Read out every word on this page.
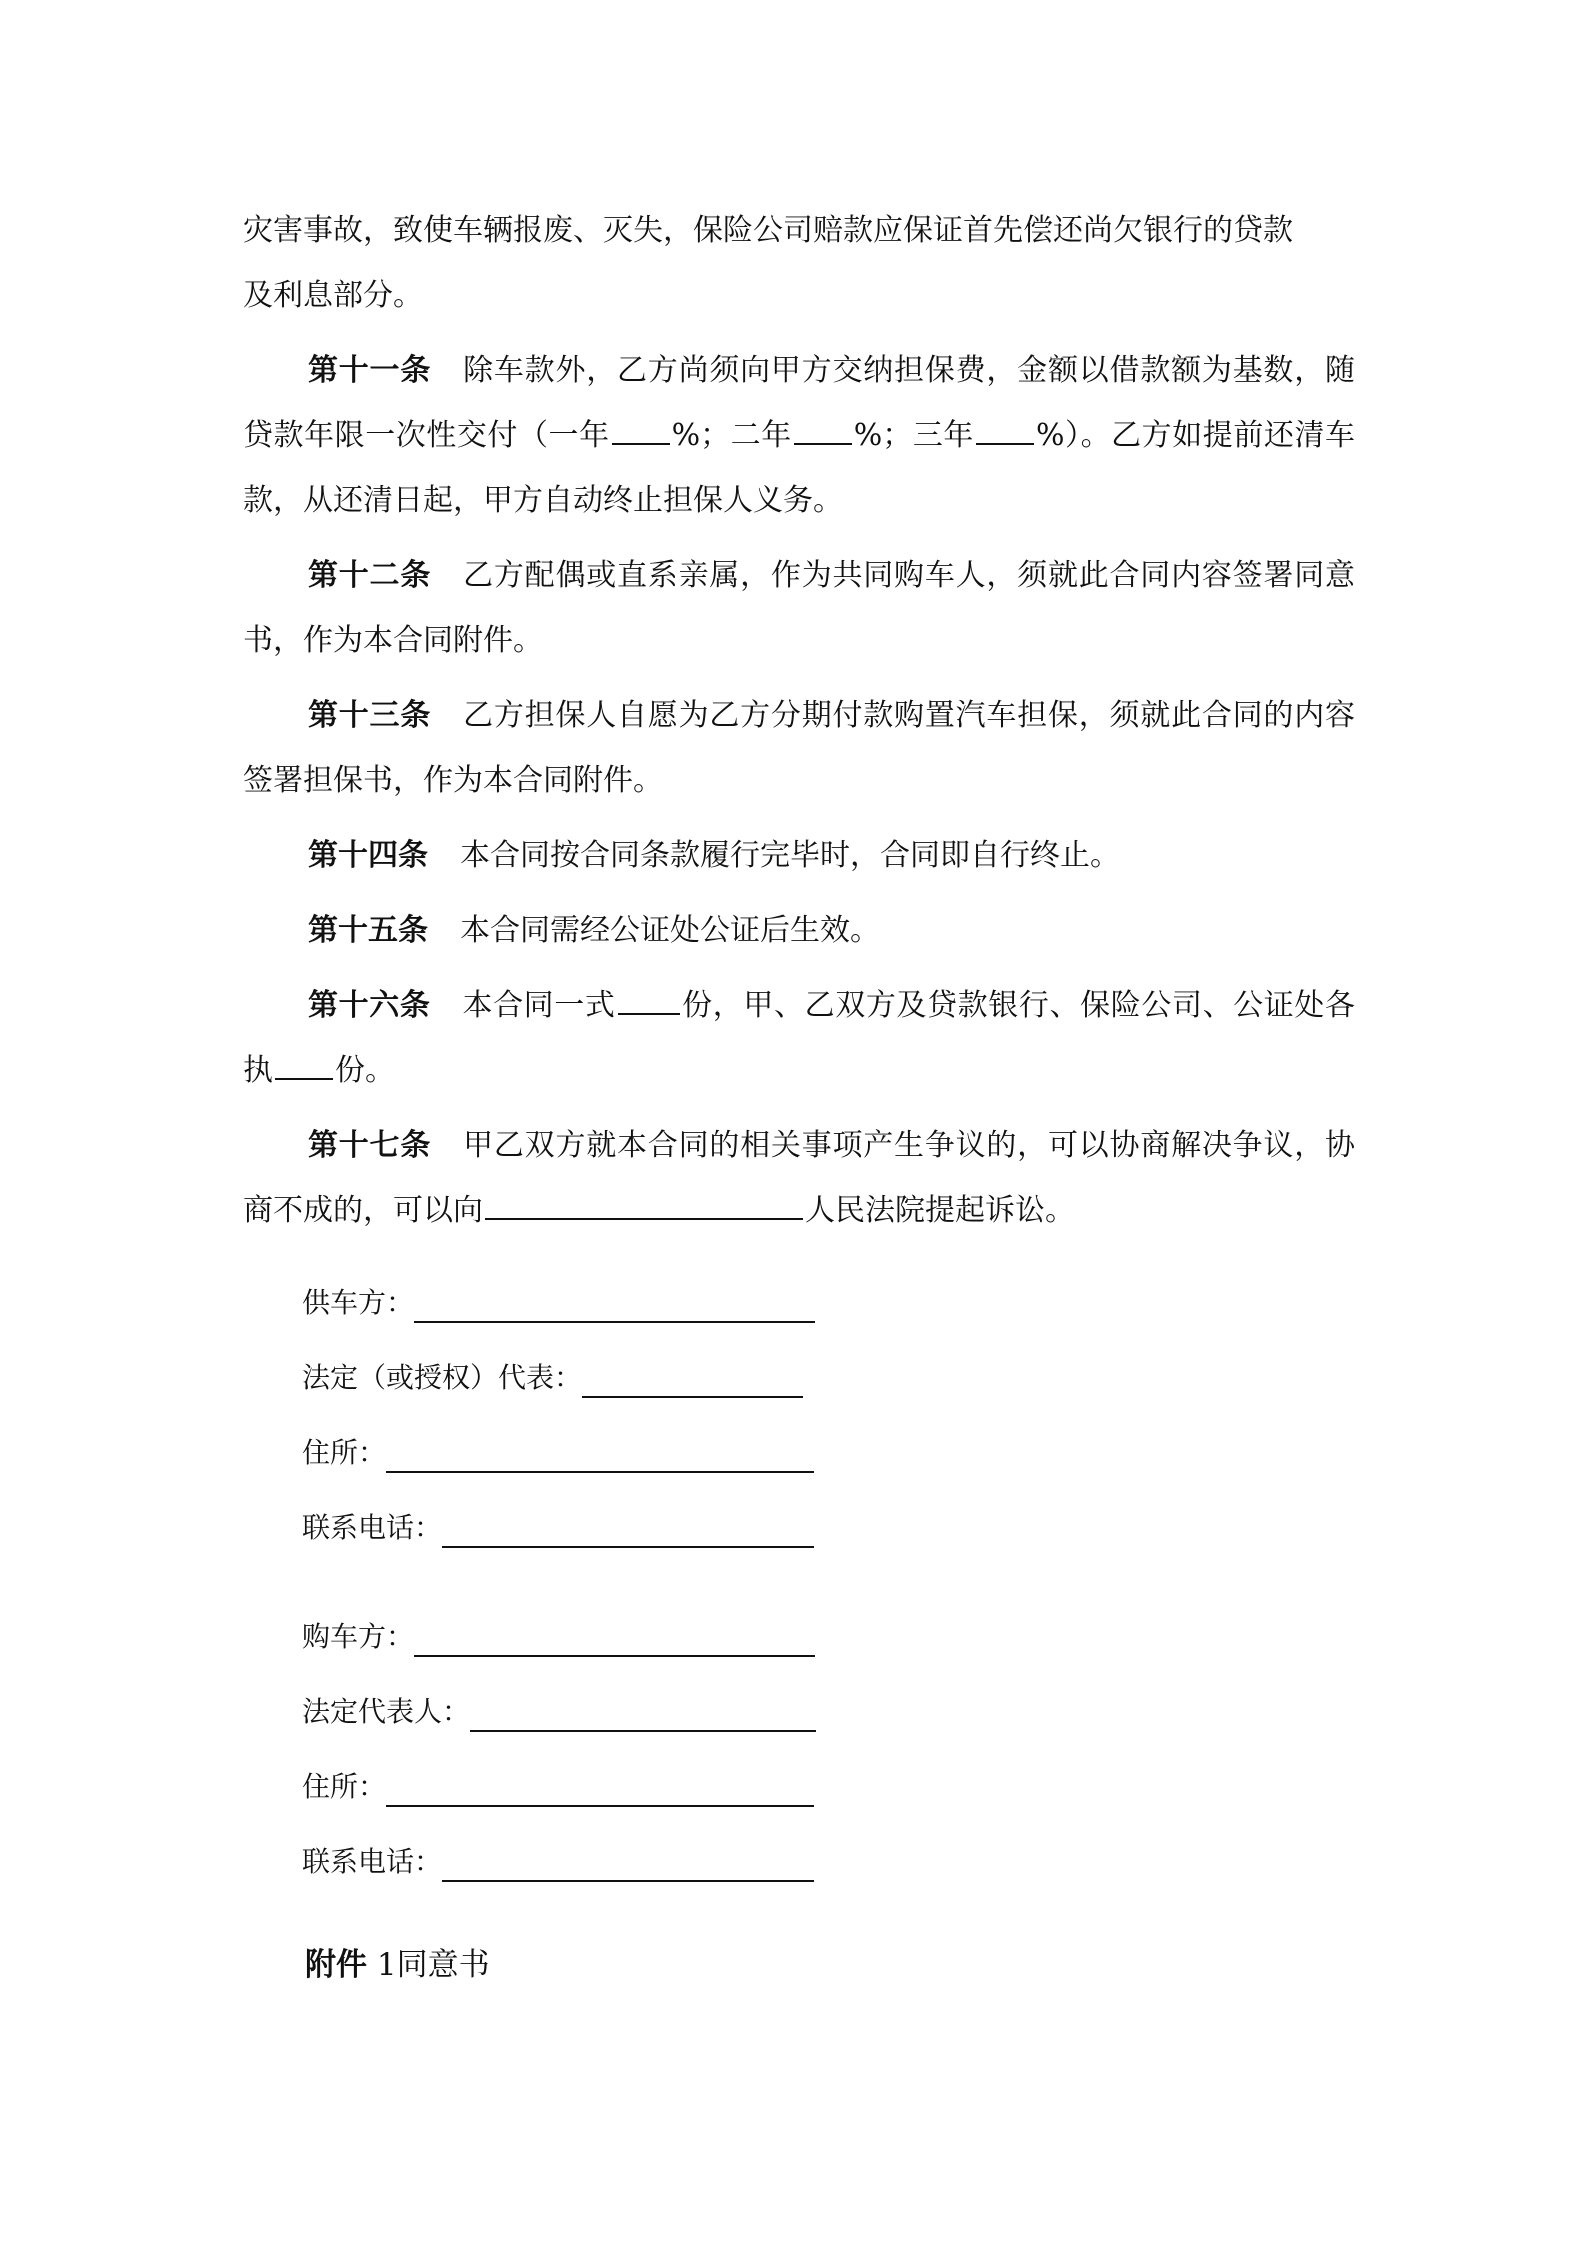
灾害事故，致使车辆报废、灭失，保险公司赔款应保证首先偿还尚欠银行的贷款
及利息部分。

第十一条 除车款外，乙方尚须向甲方交纳担保费，金额以借款额为基数，随贷款年限一次性交付（一年 %；二年 %；三年 %）。乙方如提前还清车款，从还清日起，甲方自动终止担保人义务。

第十二条 乙方配偶或直系亲属，作为共同购车人，须就此合同内容签署同意书，作为本合同附件。

第十三条 乙方担保人自愿为乙方分期付款购置汽车担保，须就此合同的内容签署担保书，作为本合同附件。

第十四条 本合同按合同条款履行完毕时，合同即自行终止。

第十五条 本合同需经公证处公证后生效。

第十六条 本合同一式 份，甲、乙双方及贷款银行、保险公司、公证处各执 份。

第十七条 甲乙双方就本合同的相关事项产生争议的，可以协商解决争议，协商不成的，可以向	人民法院提起诉讼。

供车方：
法定（或授权）代表：
住所：
联系电话：
购车方：
法定代表人：
住所：
联系电话：
附件 1同意书
